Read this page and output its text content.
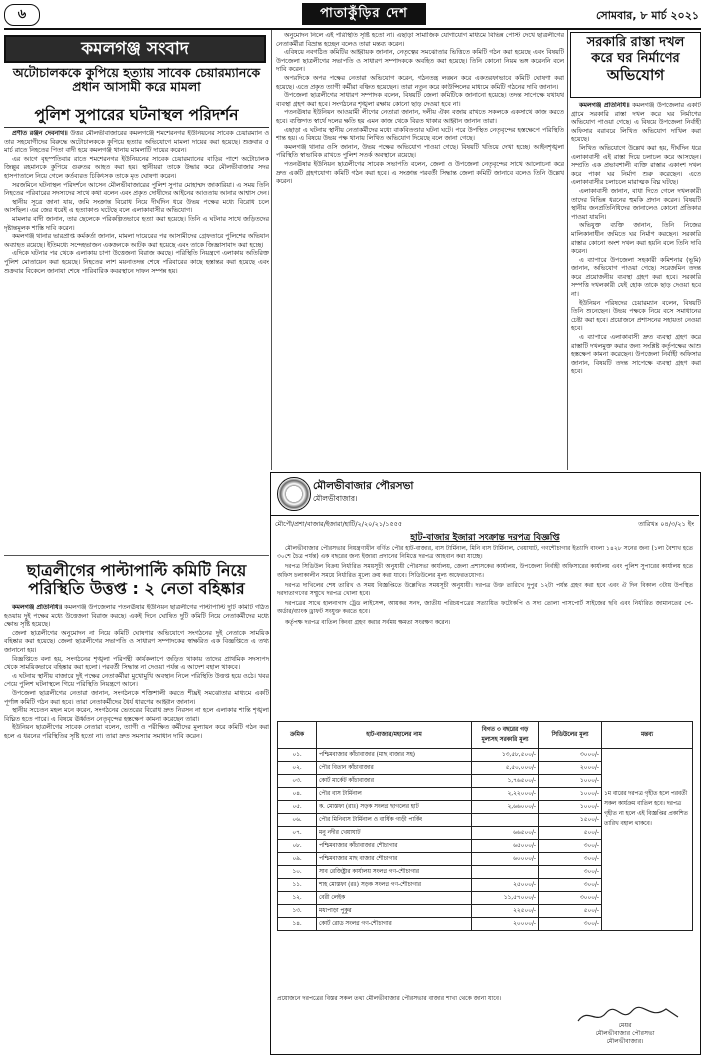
৬	পাতাকুঁড়ির দেশ	সোমবার, ৮ মার্চ ২০২১
কমলগঞ্জ সংবাদ
অটোচালককে কুপিয়ে হত্যায় সাবেক চেয়ারম্যানকে প্রধান আসামী করে মামলা
পুলিশ সুপারের ঘটনাস্থল পরিদর্শন

প্রণীত রঞ্জন দেবনাথ॥ উত্তর মৌলভীবাজারের কমলগঞ্জে শমশেরনগর ইউনিয়নের সাবেক চেয়ারম্যান ও তার সহযোগীদের বিরুদ্ধে অটোচালককে কুপিয়ে হত্যার অভিযোগে মামলা দায়ের করা হয়েছে। শুক্রবার ৫ মার্চ রাতে নিহতের পিতা বাদী হয়ে কমলগঞ্জ থানায় মামলাটি দায়ের করেন।

এর আগে বৃহস্পতিবার রাতে শমশেরনগর ইউনিয়নের সাবেক চেয়ারম্যানের বাড়ির পাশে অটোচালক জিল্লুর রহমানকে কুপিয়ে গুরুতর আহত করা হয়। স্থানীয়রা তাকে উদ্ধার করে মৌলভীবাজার সদর হাসপাতালে নিয়ে গেলে কর্তব্যরত চিকিৎসক তাকে মৃত ঘোষণা করেন।

সরজমিনে ঘটনাস্থল পরিদর্শনে আসেন মৌলভীবাজারের পুলিশ সুপার মোহাম্মদ জাকারিয়া। এ সময় তিনি নিহতের পরিবারের সদস্যদের সাথে কথা বলেন এবং প্রকৃত দোষীদের আইনের আওতায় আনার আশ্বাস দেন।

স্থানীয় সূত্রে জানা যায়, জমি সংক্রান্ত বিরোধ নিয়ে দীর্ঘদিন ধরে উভয় পক্ষের মধ্যে বিরোধ চলে আসছিল। এর জের ধরেই এ হত্যাকাণ্ড ঘটেছে বলে এলাকাবাসীর অভিযোগ।

মামলার বাদী জানান, তার ছেলেকে পরিকল্পিতভাবে হত্যা করা হয়েছে। তিনি এ ঘটনার সাথে জড়িতদের দৃষ্টান্তমূলক শাস্তি দাবি করেন।

কমলগঞ্জ থানার ভারপ্রাপ্ত কর্মকর্তা জানান, মামলা দায়েরের পর আসামীদের গ্রেফতারে পুলিশের অভিযান অব্যাহত রয়েছে। ইতিমধ্যে সন্দেহভাজন একজনকে আটক করা হয়েছে এবং তাকে জিজ্ঞাসাবাদ করা হচ্ছে।

এদিকে ঘটনার পর থেকে এলাকায় চাপা উত্তেজনা বিরাজ করছে। পরিস্থিতি নিয়ন্ত্রণে এলাকায় অতিরিক্ত পুলিশ মোতায়েন করা হয়েছে। নিহতের লাশ ময়নাতদন্ত শেষে পরিবারের কাছে হস্তান্তর করা হয়েছে এবং শুক্রবার বিকেলে জানাযা শেষে পারিবারিক কবরস্থানে দাফন সম্পন্ন হয়।

ছাত্রলীগের পাল্টাপাল্টি কমিটি নিয়ে পরিস্থিতি উত্তপ্ত : ২ নেতা বহিষ্কার

কমলগঞ্জ প্রতিনিধি॥ কমলগঞ্জ উপজেলার পতনঊষার ইউনিয়ন ছাত্রলীগের পাল্টাপাল্টি দুটি কমিটি গঠিত হওয়ায় দুই পক্ষের মধ্যে উত্তেজনা বিরাজ করছে। একই দিনে ঘোষিত দুটি কমিটি নিয়ে নেতাকর্মীদের মধ্যে ক্ষোভ সৃষ্টি হয়েছে।

জেলা ছাত্রলীগের অনুমোদন না নিয়ে কমিটি ঘোষণার অভিযোগে সংগঠনের দুই নেতাকে সাময়িক বহিষ্কার করা হয়েছে। জেলা ছাত্রলীগের সভাপতি ও সাধারণ সম্পাদকের স্বাক্ষরিত এক বিজ্ঞপ্তিতে এ তথ্য জানানো হয়।

বিজ্ঞপ্তিতে বলা হয়, সংগঠনের শৃঙ্খলা পরিপন্থী কার্যকলাপে জড়িত থাকায় তাদের প্রাথমিক সদস্যপদ থেকে সাময়িকভাবে বহিষ্কার করা হলো। পরবর্তী সিদ্ধান্ত না দেওয়া পর্যন্ত এ আদেশ বহাল থাকবে।

এ ঘটনায় স্থানীয় বাজারে দুই পক্ষের নেতাকর্মীরা মুখোমুখি অবস্থান নিলে পরিস্থিতি উত্তপ্ত হয়ে ওঠে। খবর পেয়ে পুলিশ ঘটনাস্থলে গিয়ে পরিস্থিতি নিয়ন্ত্রণে আনে।

উপজেলা ছাত্রলীগের নেতারা জানান, সংগঠনকে শক্তিশালী করতে শীঘ্রই সমঝোতার মাধ্যমে একটি পূর্ণাঙ্গ কমিটি গঠন করা হবে। তারা নেতাকর্মীদের ধৈর্য ধারণের আহ্বান জানান।

স্থানীয় সচেতন মহল মনে করেন, সংগঠনের ভেতরের বিরোধ দ্রুত নিরসন না হলে এলাকার শান্তি শৃঙ্খলা বিঘ্নিত হতে পারে। এ বিষয়ে ঊর্ধ্বতন নেতৃবৃন্দের হস্তক্ষেপ কামনা করেছেন তারা।

ইউনিয়ন ছাত্রলীগের সাবেক নেতারা বলেন, ত্যাগী ও পরীক্ষিত কর্মীদের মূল্যায়ন করে কমিটি গঠন করা হলে এ ধরনের পরিস্থিতির সৃষ্টি হতো না। তারা দ্রুত সমস্যার সমাধান দাবি করেন।

অনুমোদন নিলে এই পরিস্থিতি সৃষ্টি হতো না। এছাড়া সামাজিক যোগাযোগ মাধ্যমে বিভিন্ন পোস্ট দেখে ছাত্রলীগের নেতাকর্মীরা বিভ্রান্ত হচ্ছেন বলেও তারা মন্তব্য করেন।

এবিষয়ে নবগঠিত কমিটির আহ্বায়ক জানান, নেতৃত্বের সমঝোতার ভিত্তিতে কমিটি গঠন করা হয়েছে এবং বিষয়টি উপজেলা ছাত্রলীগের সভাপতি ও সাধারণ সম্পাদককে অবহিত করা হয়েছে। তিনি কোনো নিয়ম ভঙ্গ করেননি বলে দাবি করেন।

অপরদিকে অপর পক্ষের নেতারা অভিযোগ করেন, গঠনতন্ত্র লঙ্ঘন করে একতরফাভাবে কমিটি ঘোষণা করা হয়েছে। এতে প্রকৃত ত্যাগী কর্মীরা বঞ্চিত হয়েছেন। তারা নতুন করে কাউন্সিলের মাধ্যমে কমিটি গঠনের দাবি জানান।

উপজেলা ছাত্রলীগের সাধারণ সম্পাদক বলেন, বিষয়টি জেলা কমিটিকে জানানো হয়েছে। তদন্ত সাপেক্ষে যথাযথ ব্যবস্থা গ্রহণ করা হবে। সংগঠনের শৃঙ্খলা রক্ষায় কোনো ছাড় দেওয়া হবে না।

পতনঊষার ইউনিয়ন আওয়ামী লীগের নেতারা জানান, দলীয় ঐক্য বজায় রাখতে সকলকে একসাথে কাজ করতে হবে। ব্যক্তিগত স্বার্থে দলের ক্ষতি হয় এমন কাজ থেকে বিরত থাকার আহ্বান জানান তারা।

এছাড়া এ ঘটনায় স্থানীয় নেতাকর্মীদের মধ্যে বাকবিতণ্ডার ঘটনা ঘটে। পরে উপস্থিত নেতৃবৃন্দের হস্তক্ষেপে পরিস্থিতি শান্ত হয়। এ বিষয়ে উভয় পক্ষ থানায় লিখিত অভিযোগ দিয়েছে বলে জানা গেছে।

কমলগঞ্জ থানার ওসি জানান, উভয় পক্ষের অভিযোগ পাওয়া গেছে। বিষয়টি খতিয়ে দেখা হচ্ছে। আইনশৃঙ্খলা পরিস্থিতি স্বাভাবিক রাখতে পুলিশ সতর্ক অবস্থানে রয়েছে।

পতনঊষার ইউনিয়ন ছাত্রলীগের সাবেক সভাপতি বলেন, জেলা ও উপজেলা নেতৃবৃন্দের সাথে আলোচনা করে দ্রুত একটি গ্রহণযোগ্য কমিটি গঠন করা হবে। এ সংক্রান্ত পরবর্তী সিদ্ধান্ত জেলা কমিটি জানাবে বলেও তিনি উল্লেখ করেন।

সরকারি রাস্তা দখল
করে ঘর নির্মাণের
অভিযোগ

কমলগঞ্জ প্রতিনিধি॥ কমলগঞ্জ উপজেলার একটি গ্রামে সরকারি রাস্তা দখল করে ঘর নির্মাণের অভিযোগ পাওয়া গেছে। এ বিষয়ে উপজেলা নির্বাহী অফিসার বরাবরে লিখিত অভিযোগ দাখিল করা হয়েছে।

লিখিত অভিযোগে উল্লেখ করা হয়, দীর্ঘদিন ধরে এলাকাবাসী এই রাস্তা দিয়ে চলাচল করে আসছেন। সম্প্রতি এক প্রভাবশালী ব্যক্তি রাস্তার একাংশ দখল করে পাকা ঘর নির্মাণ শুরু করেছেন। এতে এলাকাবাসীর চলাচলে মারাত্মক বিঘ্ন ঘটছে।

এলাকাবাসী জানান, বাধা দিতে গেলে দখলকারী তাদের বিভিন্ন ধরনের হুমকি প্রদান করেন। বিষয়টি স্থানীয় জনপ্রতিনিধিদের জানালেও কোনো প্রতিকার পাওয়া যায়নি।

অভিযুক্ত ব্যক্তি জানান, তিনি নিজের মালিকানাধীন জমিতে ঘর নির্মাণ করছেন। সরকারি রাস্তার কোনো অংশ দখল করা হয়নি বলে তিনি দাবি করেন।

এ ব্যাপারে উপজেলা সহকারী কমিশনার (ভূমি) জানান, অভিযোগ পাওয়া গেছে। সরেজমিন তদন্ত করে প্রয়োজনীয় ব্যবস্থা গ্রহণ করা হবে। সরকারি সম্পত্তি দখলকারী যেই হোক তাকে ছাড় দেওয়া হবে না।

ইউনিয়ন পরিষদের চেয়ারম্যান বলেন, বিষয়টি তিনি শুনেছেন। উভয় পক্ষকে নিয়ে বসে সমাধানের চেষ্টা করা হবে। প্রয়োজনে প্রশাসনের সহায়তা নেওয়া হবে।

এ ব্যাপারে এলাকাবাসী দ্রুত ব্যবস্থা গ্রহণ করে রাস্তাটি দখলমুক্ত করার জন্য সংশ্লিষ্ট কর্তৃপক্ষের আশু হস্তক্ষেপ কামনা করেছেন। উপজেলা নির্বাহী অফিসার জানান, বিষয়টি তদন্ত সাপেক্ষে ব্যবস্থা গ্রহণ করা হবে।

মৌলভীবাজার পৌরসভা
মৌলভীবাজার।
মৌপৌ/প্রশা/বাজার/ইজারা/হাটি/২/২০/২১/১৫৫৫	তারিখঃ ০৪/৩/২১ ইং
হাট-বাজার ইজারা সংক্রান্ত দরপত্র বিজ্ঞপ্তি

মৌলভীবাজার পৌরসভার নিয়ন্ত্রণাধীন বর্ণিত পৌর হাট-বাজার, বাস টার্মিনাল, মিনি বাস টার্মিনাল, খেয়াঘাট, গণশৌচাগার ইত্যাদি বাংলা ১৪২৮ সনের জন্য (১লা বৈশাখ হতে ৩০শে চৈত্র পর্যন্ত) এক বছরের জন্য ইজারা প্রদানের নিমিত্তে দরপত্র আহবান করা যাচ্ছে।

দরপত্র সিডিউল বিক্রয় নির্ধারিত সময়সূচী অনুযায়ী পৌরসভা কার্যালয়, জেলা প্রশাসকের কার্যালয়, উপজেলা নির্বাহী অফিসারের কার্যালয় এবং পুলিশ সুপারের কার্যালয় হতে অফিস চলাকালীন সময়ে নির্ধারিত মূল্যে ক্রয় করা যাবে। সিডিউলের মূল্য অফেরতযোগ্য।

দরপত্র দাখিলের শেষ তারিখ ও সময় বিজ্ঞপ্তিতে উল্লেখিত সময়সূচী অনুযায়ী। দরপত্র উক্ত তারিখে দুপুর ১২টা পর্যন্ত গ্রহণ করা হবে এবং ঐ দিন বিকাল ৩টায় উপস্থিত দরদাতাগণের সম্মুখে দরপত্র খোলা হবে।

দরপত্রের সাথে হালনাগাদ ট্রেড লাইসেন্স, আয়কর সনদ, জাতীয় পরিচয়পত্রের সত্যায়িত ফটোকপি ও সদ্য তোলা পাসপোর্ট সাইজের ছবি এবং নির্ধারিত জামানতের পে-অর্ডার/ব্যাংক ড্রাফট সংযুক্ত করতে হবে।

কর্তৃপক্ষ দরপত্র বাতিল কিংবা গ্রহণ করার সর্বময় ক্ষমতা সংরক্ষণ করেন।

ক্রমিক	হাট-বাজার/মহালের নাম	বিগত ৩ বছরের গড় মূল্যসহ সরকারি মূল্য	সিডিউলের মূল্য	মন্তব্য
০১.	পশ্চিমবাজার কাঁচাবাজার (মাছ বাজার সহ)	১৩,৫৮,৫০০/-	৩০০০/-	১ম বারের দরপত্র গৃহীত হলে পরবর্তী সকল কার্যক্রম বাতিল হবে। দরপত্র গৃহীত না হলে এই বিজ্ঞপ্তির প্রকাশিত তারিখ বহাল থাকবে।
০২.	পৌর বিতান কাঁচাবাজার	৫,৫০,০০০/-	২০০০/-	
০৩.	কোর্ট মার্কেট কাঁচাবাজার	১,৭৬৫০০/-	১০০০/-	
০৪.	পৌর বাস টার্মিনাল	২,২২০০০/-	১০০০/-	
০৫.	ক. মোস্তফা (রাঃ) সড়ক সংলগ্ন ছাগলের হাট	২,৬৬০০০/-	১০০০/-	
০৬.	পৌর মিনিবাস টার্মিনাল ও বার্ষিক গাড়ী পার্কিং		১৫০০/-	
০৭.	মনু নদীর খেয়াঘাট	৬৬৫০০/-	৫০০/-	
০৮.	পশ্চিমবাজার কাঁচাবাজার শৌচাগার	৬৫০০০/-	৩০০/-	
০৯.	পশ্চিমবাজার মাছ বাজার শৌচাগার	৬০০০০/-	৩০০/-	
১০.	সাব রেজিষ্ট্রার কার্যালয় সংলগ্ন গণ-শৌচাগার		৩০০/-	
১১.	শাহ মোস্তফা (রঃ) সড়ক সংলগ্ন গণ-শৌচাগার	২৫০০০/-	৩০০/-	
১২.	বেরী লেইক	১১,৫৭০০০/-	৩০০০/-	
১৩.	মধ্যপাড়া পুকুর	২২৫০০/-	৫০০/-	
১৪.	কোর্ট রোড সংলগ্ন গণ-শৌচাগার	২০০০০/-	৩০০/-	
প্রয়োজনে দরপত্রের বিস্তর সকল তথ্য মৌলভীবাজার পৌরসভার বাজার শাখা থেকে জানা যাবে।
মেয়র
মৌলভীবাজার পৌরসভা
মৌলভীবাজার।
